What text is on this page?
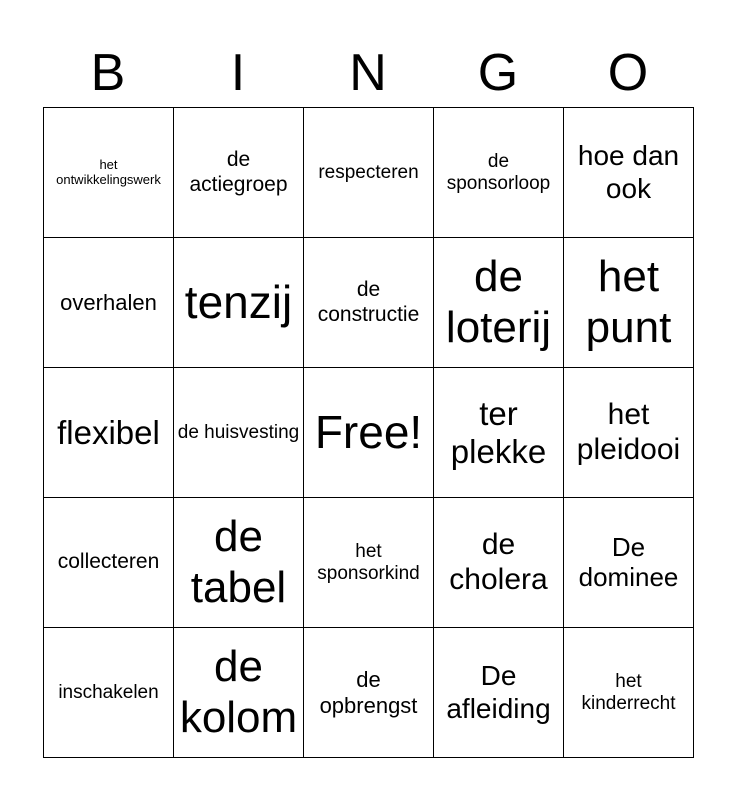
B	I	N	G	O
het ontwikkelingswerk	de actiegroep	respecteren	de sponsorloop	hoe dan ook
overhalen	tenzij	de constructie	de loterij	het punt
flexibel	de huisvesting	Free!	ter plekke	het pleidooi
collecteren	de tabel	het sponsorkind	de cholera	De dominee
inschakelen	de kolom	de opbrengst	De afleiding	het kinderrecht
